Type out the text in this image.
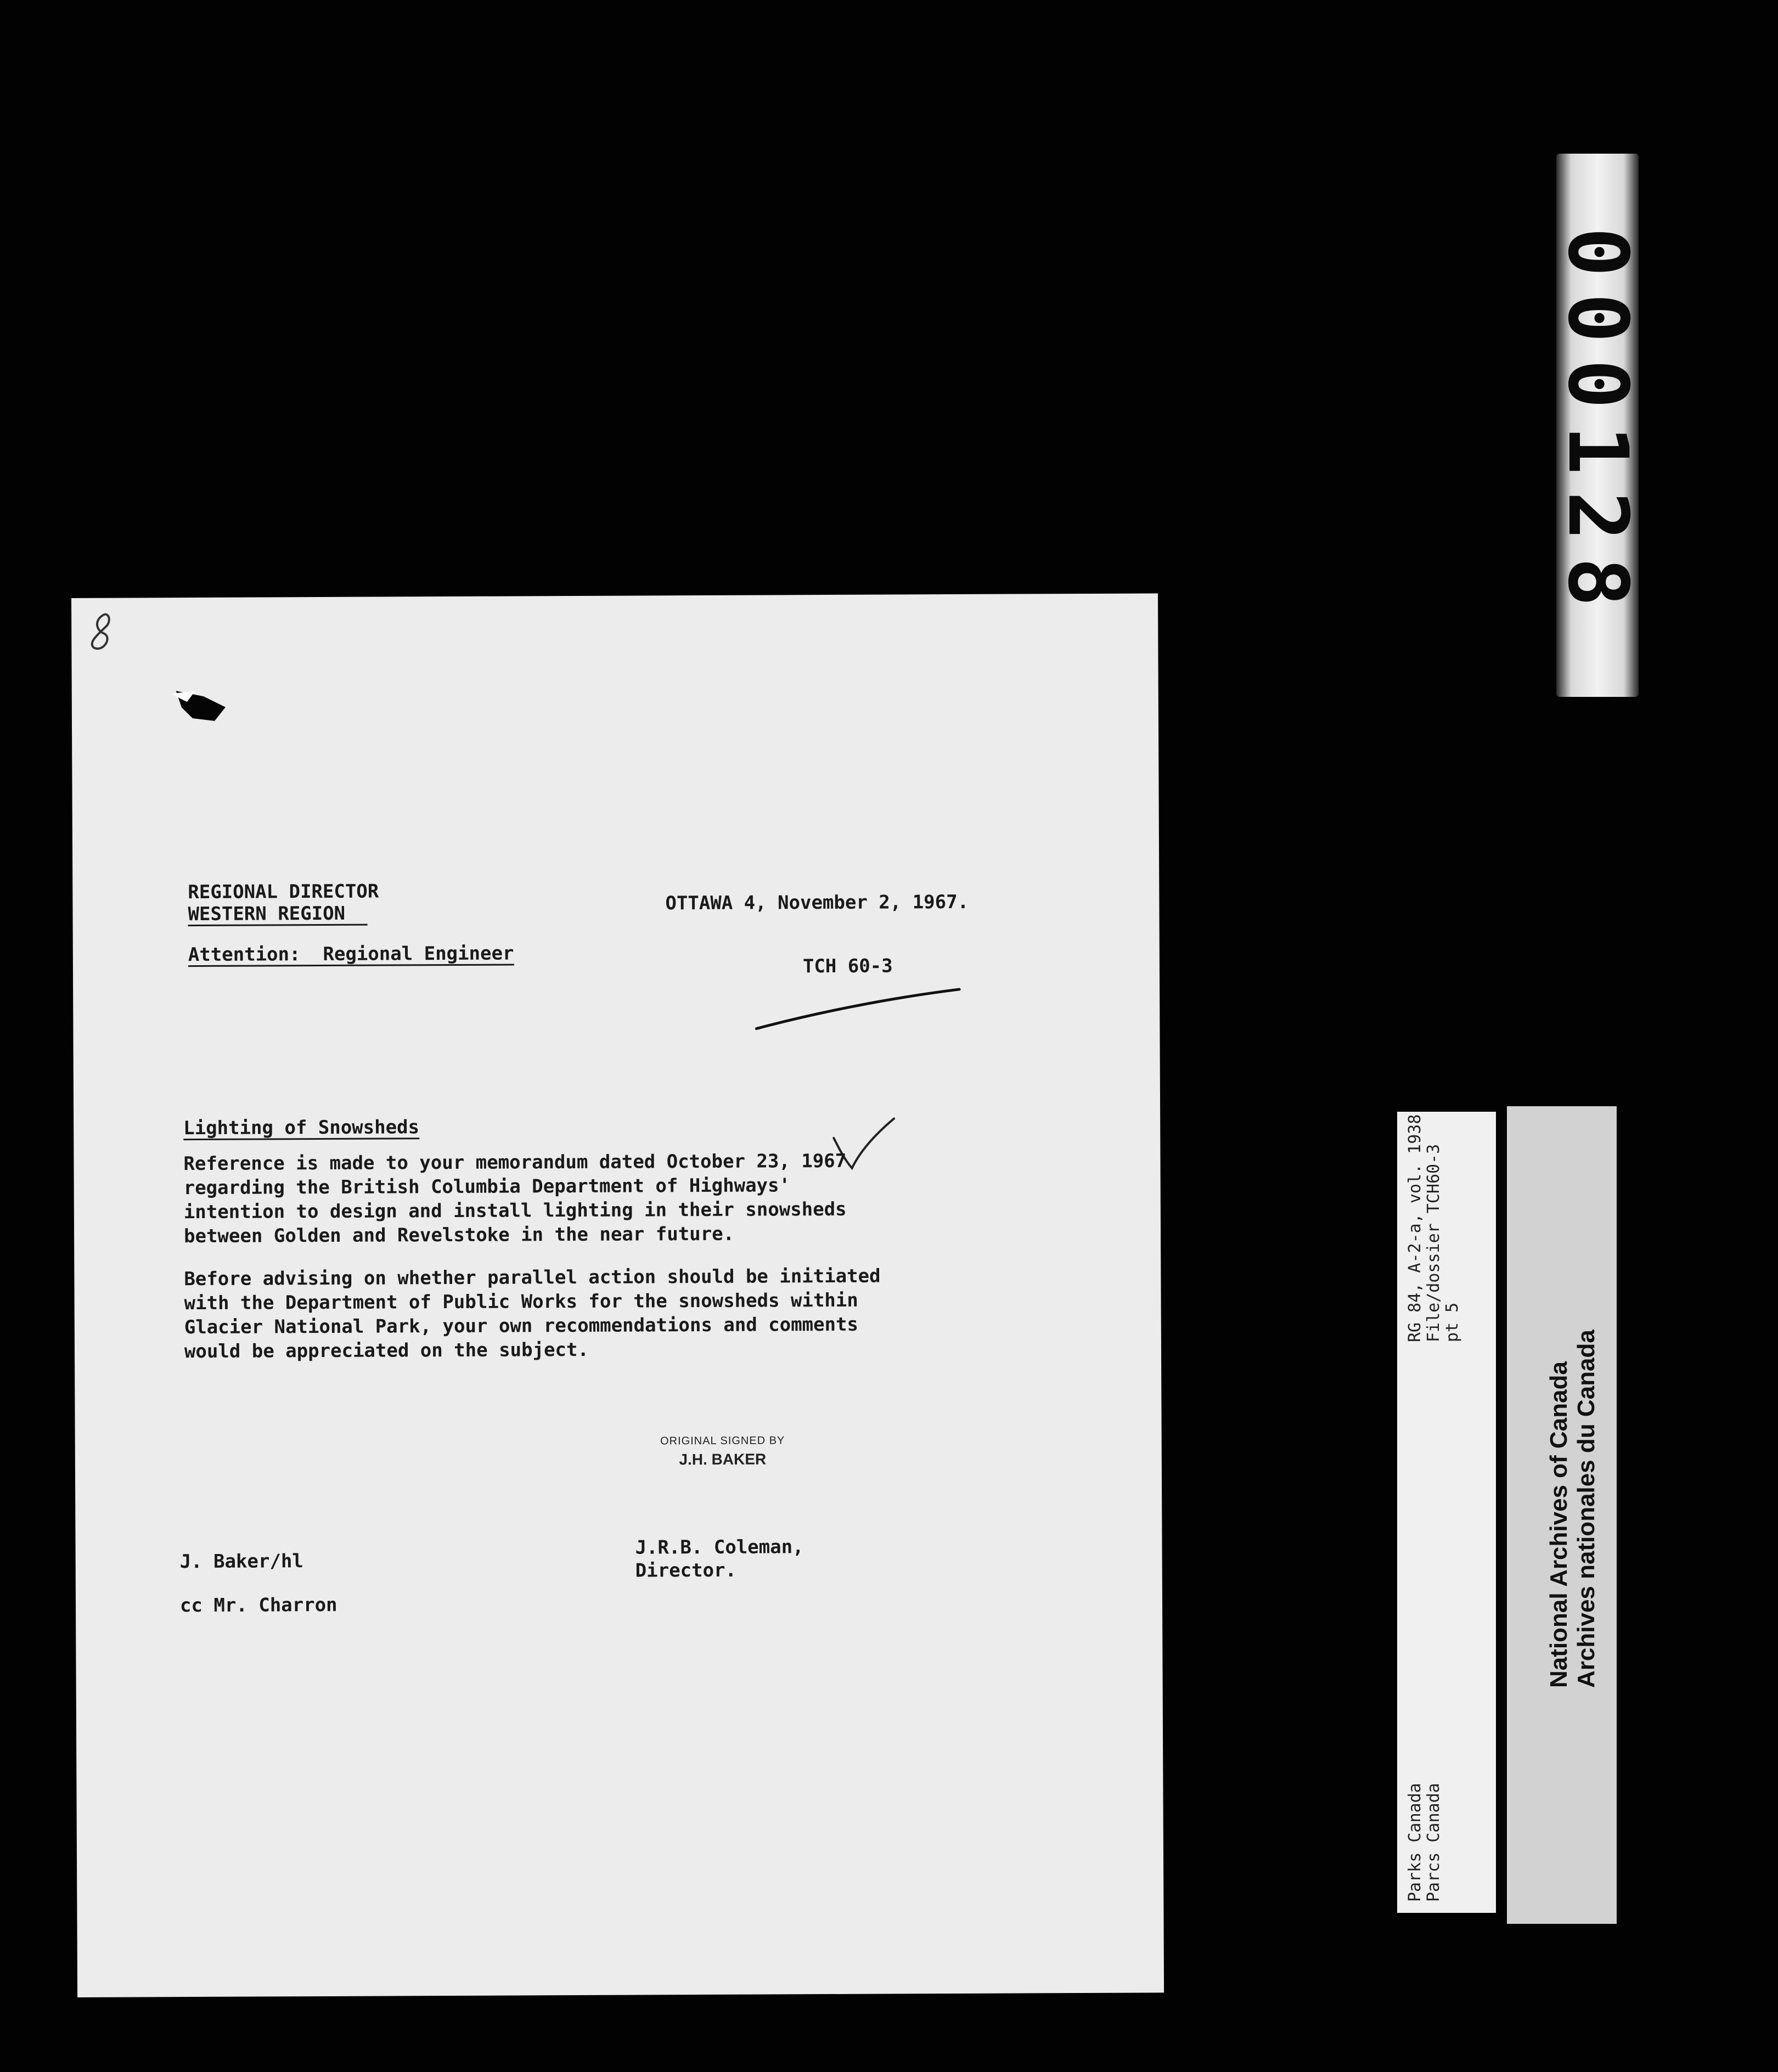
000128
REGIONAL DIRECTOR
WESTERN REGION	OTTAWA 4, November 2, 1967.
Attention:  Regional Engineer
TCH 60-3
Lighting of Snowsheds
Reference is made to your memorandum dated October 23, 1967
regarding the British Columbia Department of Highways'
intention to design and install lighting in their snowsheds
between Golden and Revelstoke in the near future.
Before advising on whether parallel action should be initiated
with the Department of Public Works for the snowsheds within
Glacier National Park, your own recommendations and comments
would be appreciated on the subject.
ORIGINAL SIGNED BY
J.H. BAKER
J.R.B. Coleman,
Director.
J. Baker/hl
cc Mr. Charron
RG 84, A-2-a, vol. 1938 File/dossier TCH60-3 pt 5
Parks Canada Parcs Canada
National Archives of Canada Archives nationales du Canada
